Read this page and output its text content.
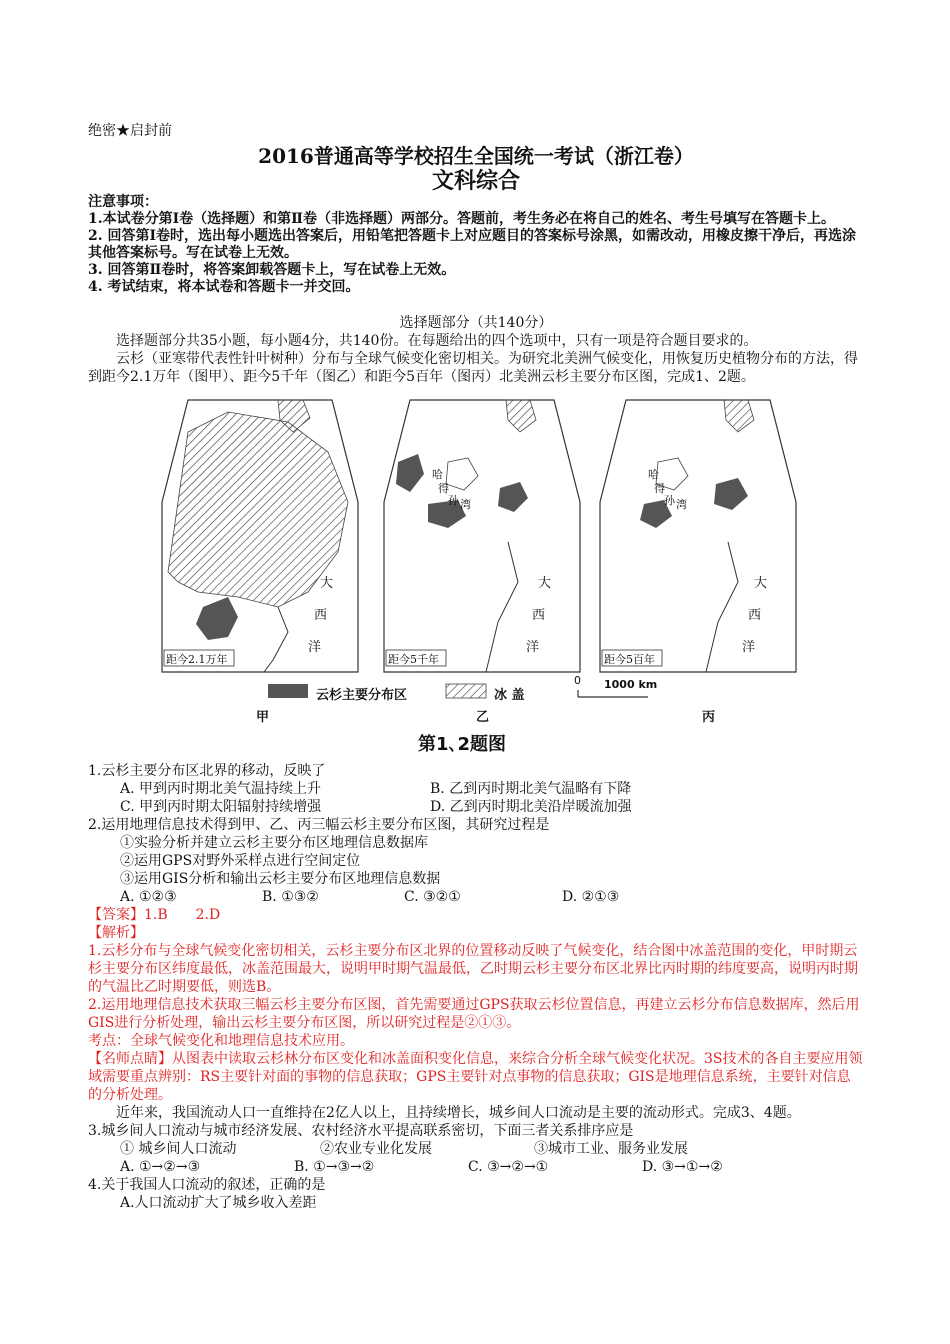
绝密★启封前
2016普通高等学校招生全国统一考试（浙江卷）
文科综合

注意事项：

1.本试卷分第Ⅰ卷（选择题）和第Ⅱ卷（非选择题）两部分。答题前，考生务必在将自己的姓名、考生号填写在答题卡上。

2. 回答第Ⅰ卷时，选出每小题选出答案后，用铅笔把答题卡上对应题目的答案标号涂黑，如需改动，用橡皮擦干净后，再选涂其他答案标号。写在试卷上无效。

3. 回答第Ⅱ卷时，将答案卸载答题卡上，写在试卷上无效。

4. 考试结束，将本试卷和答题卡一并交回。

选择题部分（共140分）

选择题部分共35小题，每小题4分，共140份。在每题给出的四个选项中，只有一项是符合题目要求的。

云杉（亚寒带代表性针叶树种）分布与全球气候变化密切相关。为研究北美洲气候变化，用恢复历史植物分布的方法，得到距今2.1万年（图甲）、距今5千年（图乙）和距今5百年（图丙）北美洲云杉主要分布区图，完成1、2题。

距今2.1万年	距今5千年	距今5百年
大
西
洋
大
西
洋
大
西
洋
哈
得
孙 湾
哈
得
孙 湾
云杉主要分布区	冰 盖
0 1000 km
甲	乙	丙
第1､2题图

1.云杉主要分布区北界的移动，反映了

A. 甲到丙时期北美气温持续上升	B. 乙到丙时期北美气温略有下降
C. 甲到丙时期太阳辐射持续增强	D. 乙到丙时期北美沿岸暖流加强

2.运用地理信息技术得到甲、乙、丙三幅云杉主要分布区图，其研究过程是

①实验分析并建立云杉主要分布区地理信息数据库
②运用GPS对野外采样点进行空间定位
③运用GIS分析和输出云杉主要分布区地理信息数据
A. ①②③	B. ①③②	C. ③②①	D. ②①③

【答案】1.B　　2.D

【解析】

1.云杉分布与全球气候变化密切相关，云杉主要分布区北界的位置移动反映了气候变化，结合图中冰盖范围的变化，甲时期云杉主要分布区纬度最低，冰盖范围最大，说明甲时期气温最低，乙时期云杉主要分布区北界比丙时期的纬度要高，说明丙时期的气温比乙时期要低，则选B。

2.运用地理信息技术获取三幅云杉主要分布区图，首先需要通过GPS获取云杉位置信息，再建立云杉分布信息数据库，然后用GIS进行分析处理，输出云杉主要分布区图，所以研究过程是②①③。

考点：全球气候变化和地理信息技术应用。

【名师点睛】从图表中读取云杉林分布区变化和冰盖面积变化信息，来综合分析全球气候变化状况。3S技术的各自主要应用领域需要重点辨别：RS主要针对面的事物的信息获取；GPS主要针对点事物的信息获取；GIS是地理信息系统，主要针对信息的分析处理。

近年来，我国流动人口一直维持在2亿人以上，且持续增长，城乡间人口流动是主要的流动形式。完成3、4题。

3.城乡间人口流动与城市经济发展、农村经济水平提高联系密切，下面三者关系排序应是

① 城乡间人口流动	②农业专业化发展	③城市工业、服务业发展
A. ①→②→③	B. ①→③→②	C. ③→②→①	D. ③→①→②

4.关于我国人口流动的叙述，正确的是

A.人口流动扩大了城乡收入差距
